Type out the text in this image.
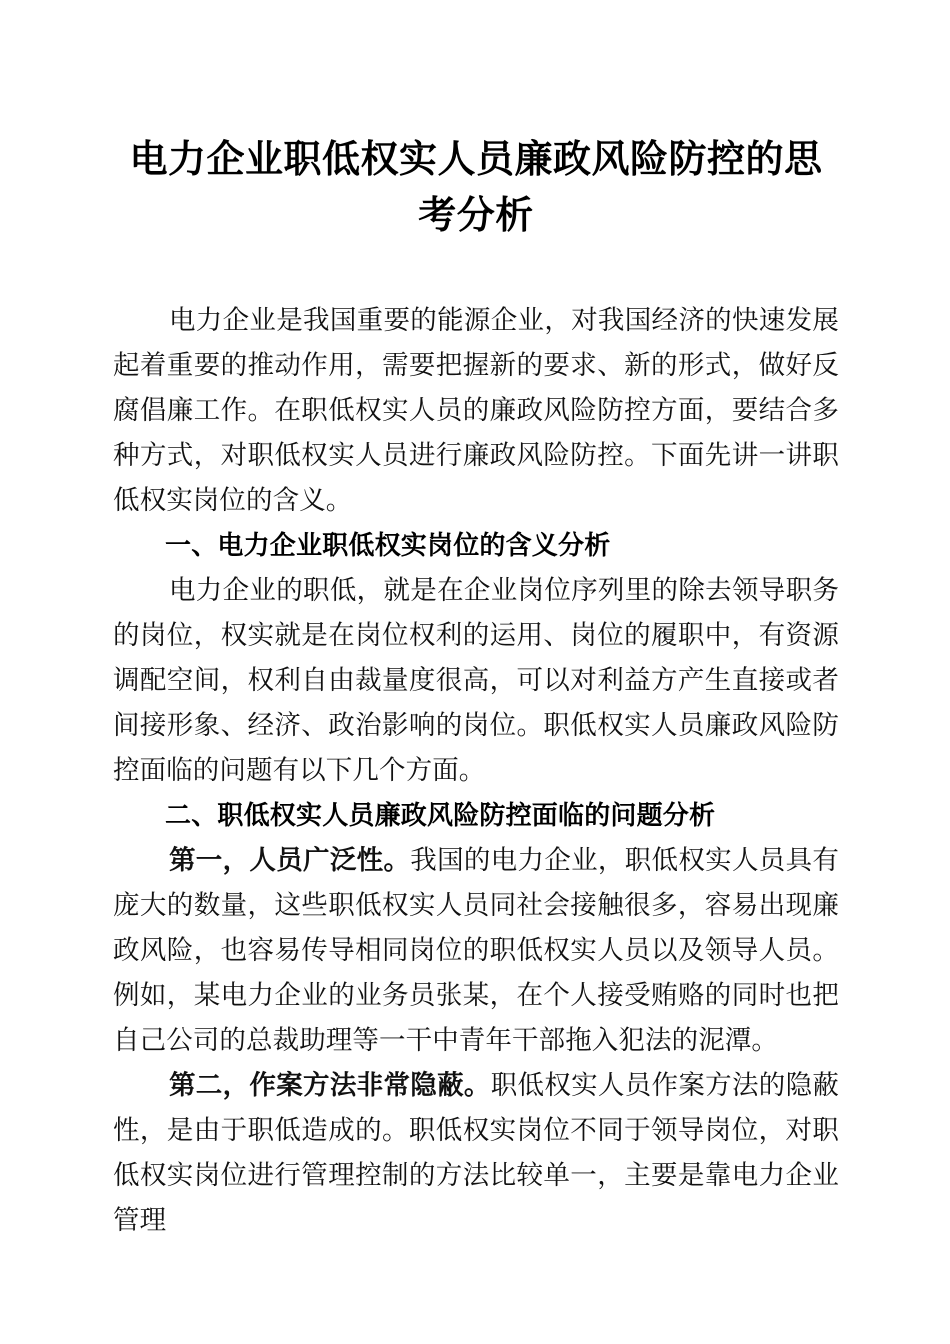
电力企业职低权实人员廉政风险防控的思考分析

电力企业是我国重要的能源企业，对我国经济的快速发展起着重要的推动作用，需要把握新的要求、新的形式，做好反腐倡廉工作。在职低权实人员的廉政风险防控方面，要结合多种方式，对职低权实人员进行廉政风险防控。下面先讲一讲职低权实岗位的含义。

一、电力企业职低权实岗位的含义分析

电力企业的职低，就是在企业岗位序列里的除去领导职务的岗位，权实就是在岗位权利的运用、岗位的履职中，有资源调配空间，权利自由裁量度很高，可以对利益方产生直接或者间接形象、经济、政治影响的岗位。职低权实人员廉政风险防控面临的问题有以下几个方面。

二、职低权实人员廉政风险防控面临的问题分析

第一，人员广泛性。我国的电力企业，职低权实人员具有庞大的数量，这些职低权实人员同社会接触很多，容易出现廉政风险，也容易传导相同岗位的职低权实人员以及领导人员。例如，某电力企业的业务员张某，在个人接受贿赂的同时也把自己公司的总裁助理等一干中青年干部拖入犯法的泥潭。

第二，作案方法非常隐蔽。职低权实人员作案方法的隐蔽性，是由于职低造成的。职低权实岗位不同于领导岗位，对职低权实岗位进行管理控制的方法比较单一，主要是靠电力企业管理
